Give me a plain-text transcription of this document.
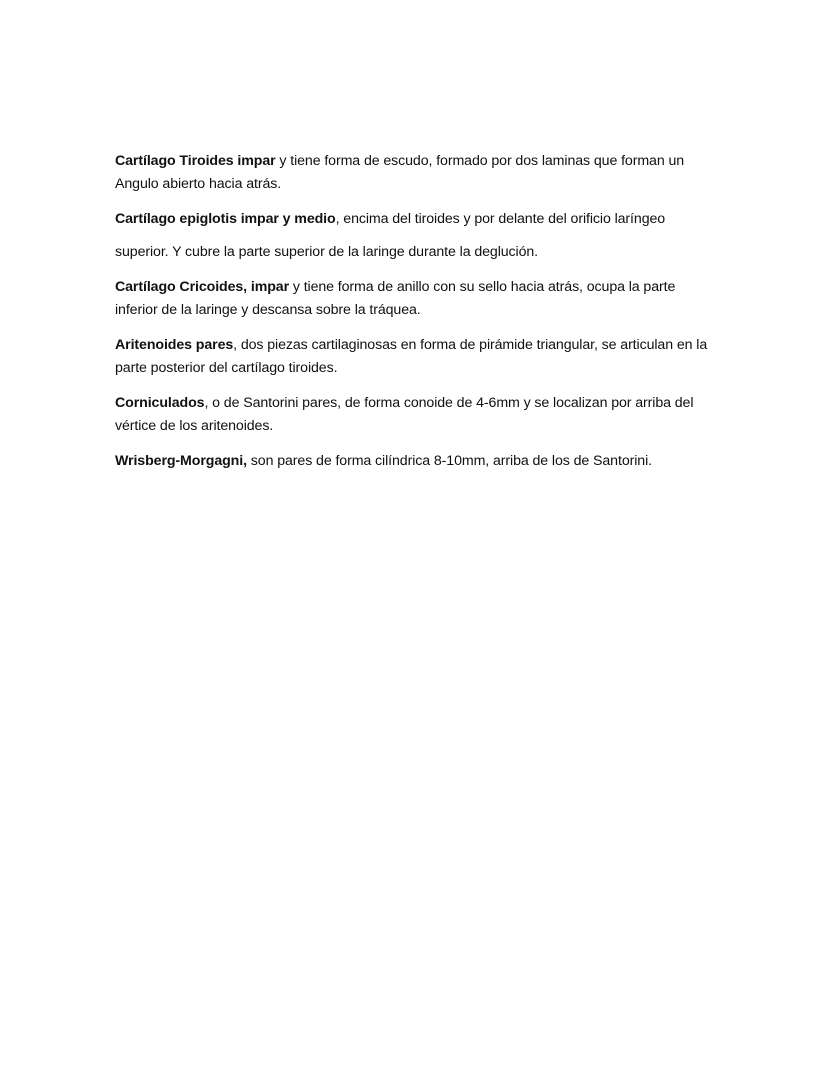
Cartílago Tiroides impar y tiene forma de escudo, formado por dos laminas que forman un Angulo abierto hacia atrás.

Cartílago epiglotis impar y medio, encima del tiroides y por delante del orificio laríngeo

superior. Y cubre la parte superior de la laringe durante la deglución.

Cartílago Cricoides, impar y tiene forma de anillo con su sello hacia atrás, ocupa la parte inferior de la laringe y descansa sobre la tráquea.

Aritenoides pares, dos piezas cartilaginosas en forma de pirámide triangular, se articulan en la parte posterior del cartílago tiroides.

Corniculados, o de Santorini pares, de forma conoide de 4-6mm y se localizan por arriba del vértice de los aritenoides.

Wrisberg-Morgagni, son pares de forma cilíndrica 8-10mm, arriba de los de Santorini.
